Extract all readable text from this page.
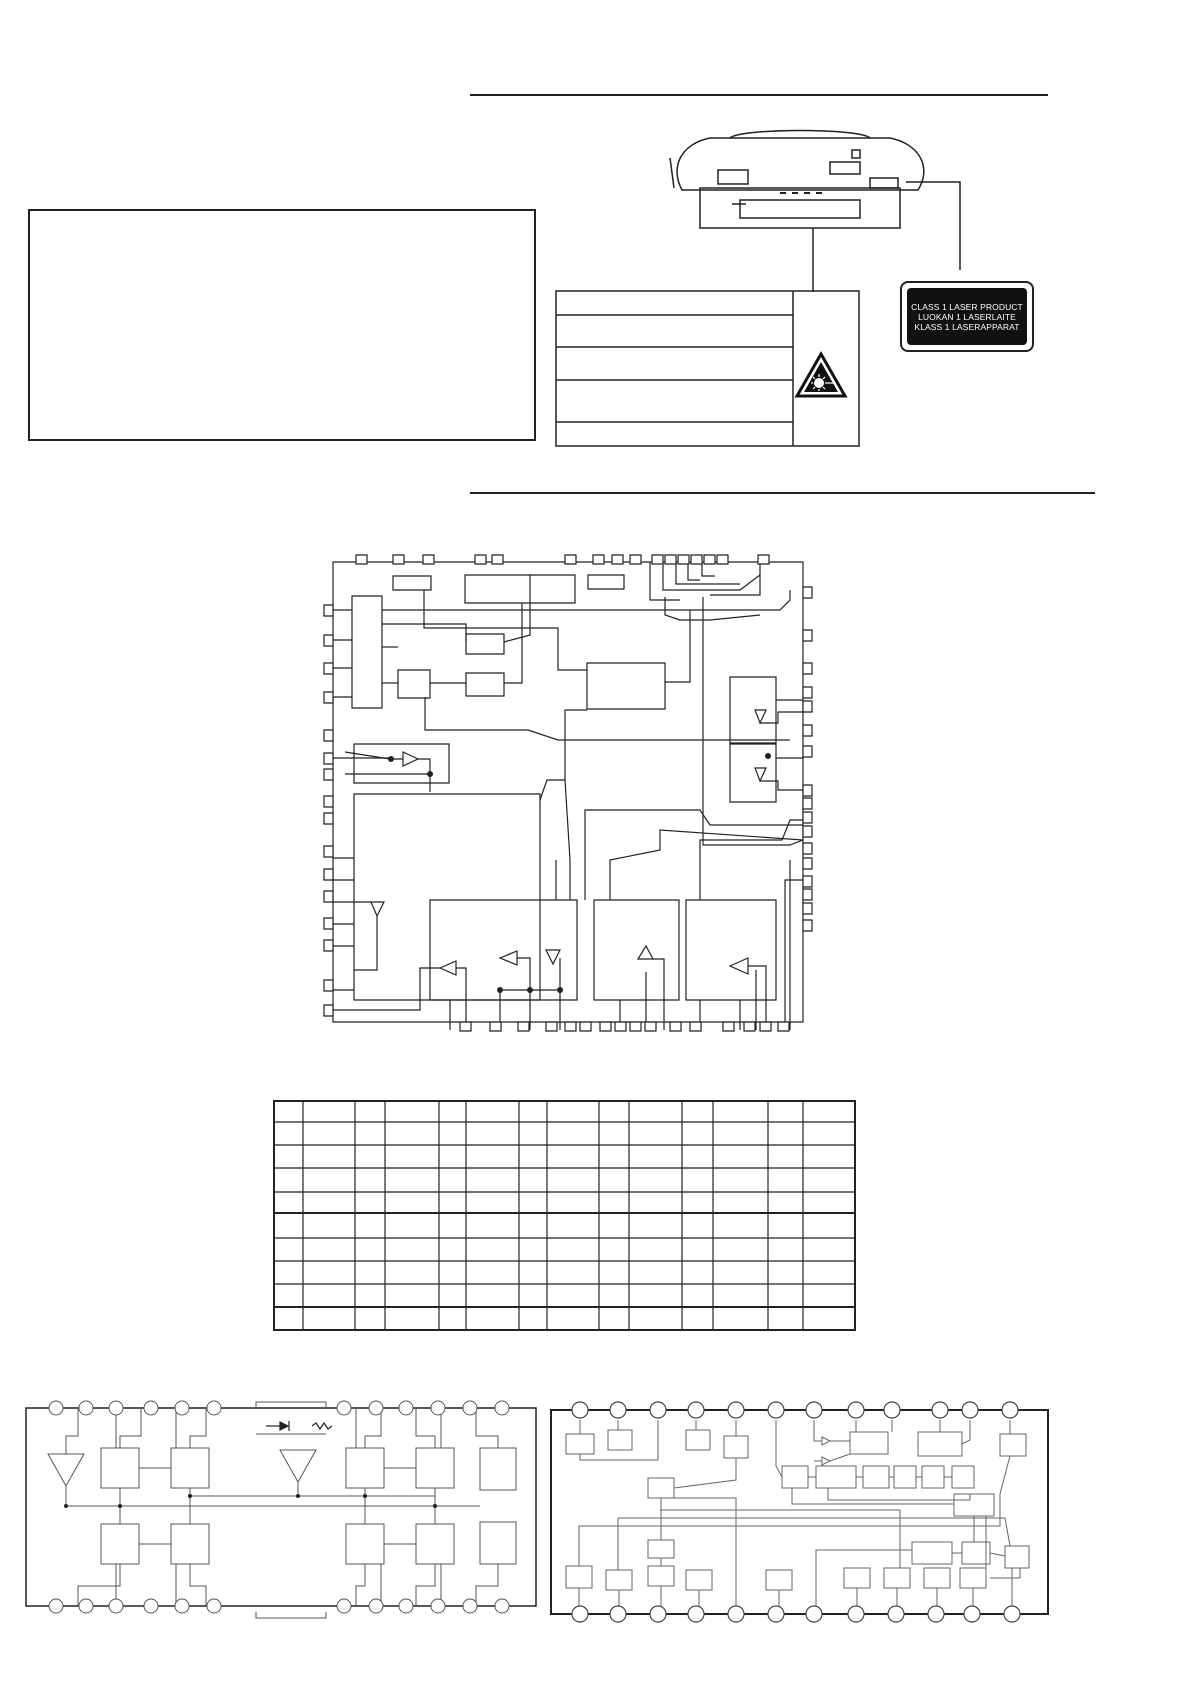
CLASS 1 LASER PRODUCT
LUOKAN 1 LASERLAITE
KLASS 1 LASERAPPARAT
